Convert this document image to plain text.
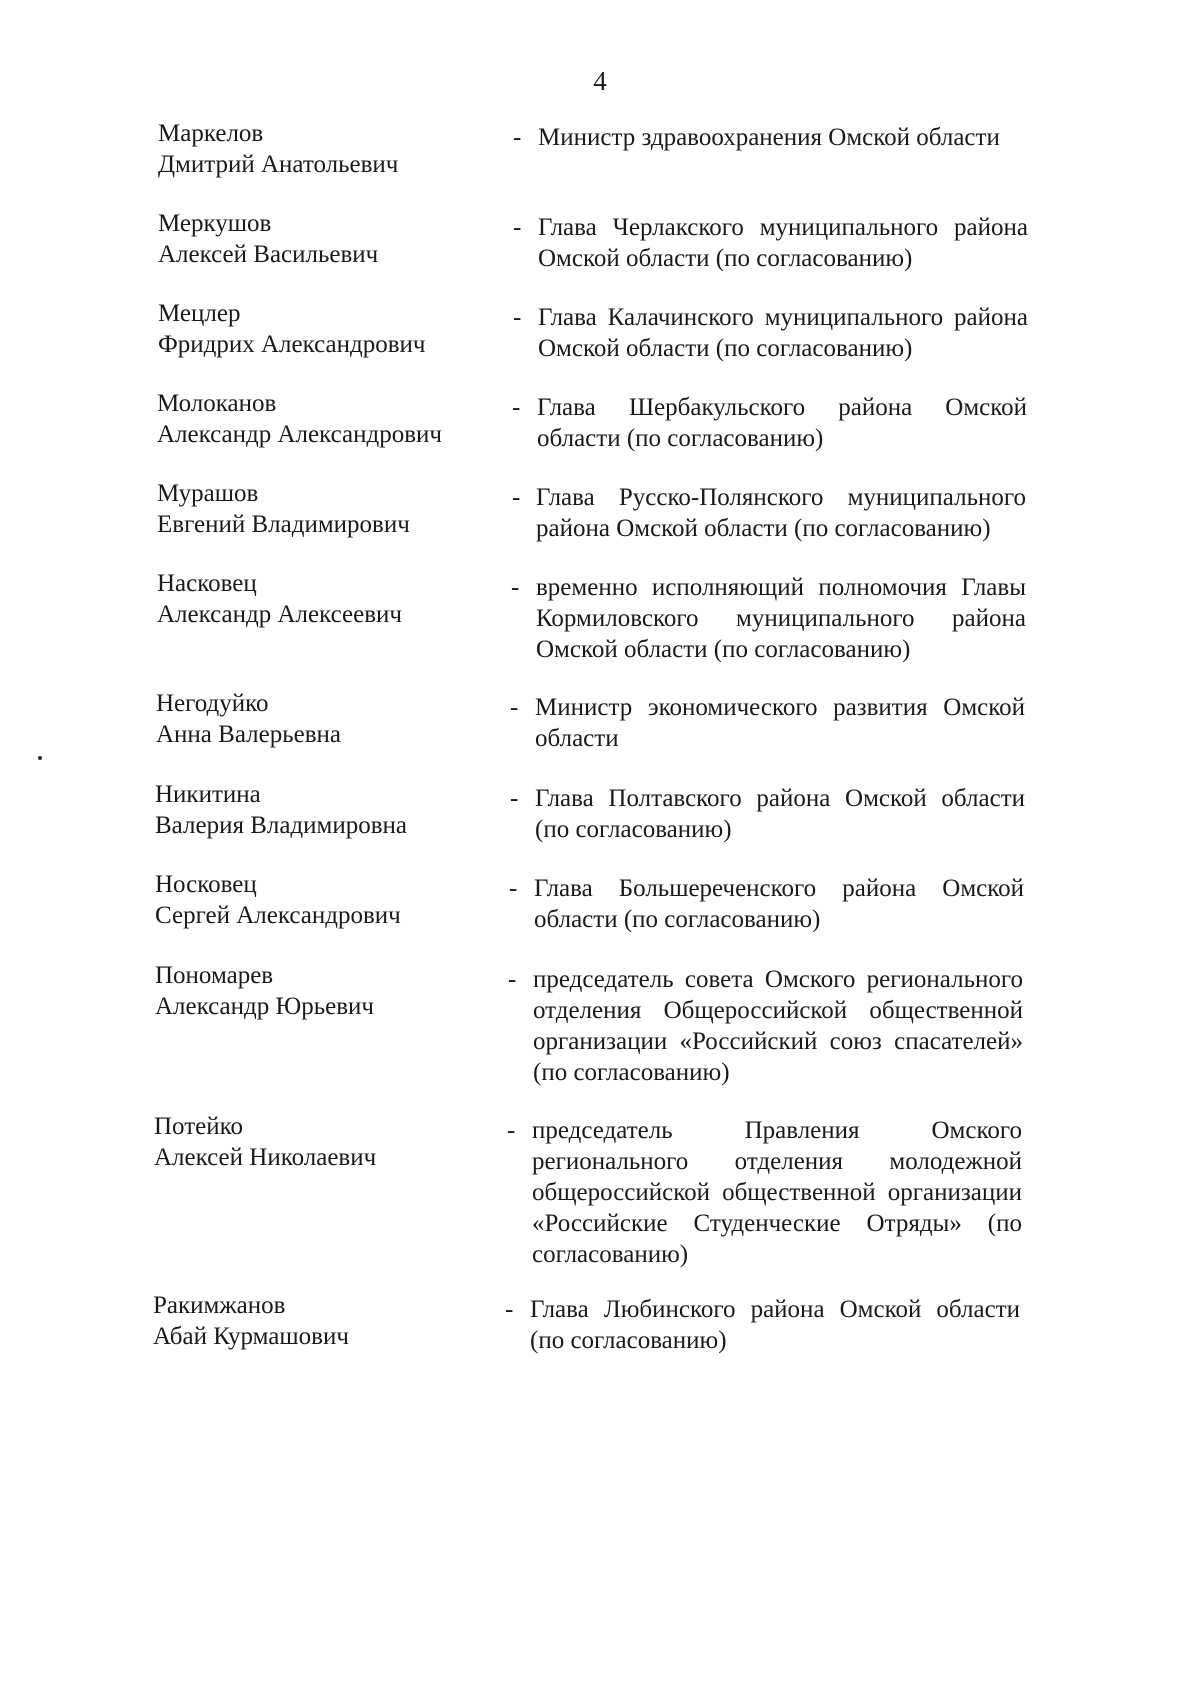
4
Маркелов
Дмитрий Анатольевич
- Министр здравоохранения Омской области
Меркушов
Алексей Васильевич
- Глава Черлакского муниципального района Омской области (по согласованию)
Мецлер
Фридрих Александрович
- Глава Калачинского муниципального района Омской области (по согласованию)
Молоканов
Александр Александрович
- Глава Шербакульского района Омской области (по согласованию)
Мурашов
Евгений Владимирович
- Глава Русско-Полянского муниципального района Омской области (по согласованию)
Насковец
Александр Алексеевич
- временно исполняющий полномочия Главы Кормиловского муниципального района Омской области (по согласованию)
Негодуйко
Анна Валерьевна
- Министр экономического развития Омской области
Никитина
Валерия Владимировна
- Глава Полтавского района Омской области (по согласованию)
Носковец
Сергей Александрович
- Глава Большереченского района Омской области (по согласованию)
Пономарев
Александр Юрьевич
- председатель совета Омского регионального отделения Общероссийской общественной организации «Российский союз спасателей» (по согласованию)
Потейко
Алексей Николаевич
- председатель Правления Омского регионального отделения молодежной общероссийской общественной организации «Российские Студенческие Отряды» (по согласованию)
Ракимжанов
Абай Курмашович
- Глава Любинского района Омской области (по согласованию)
